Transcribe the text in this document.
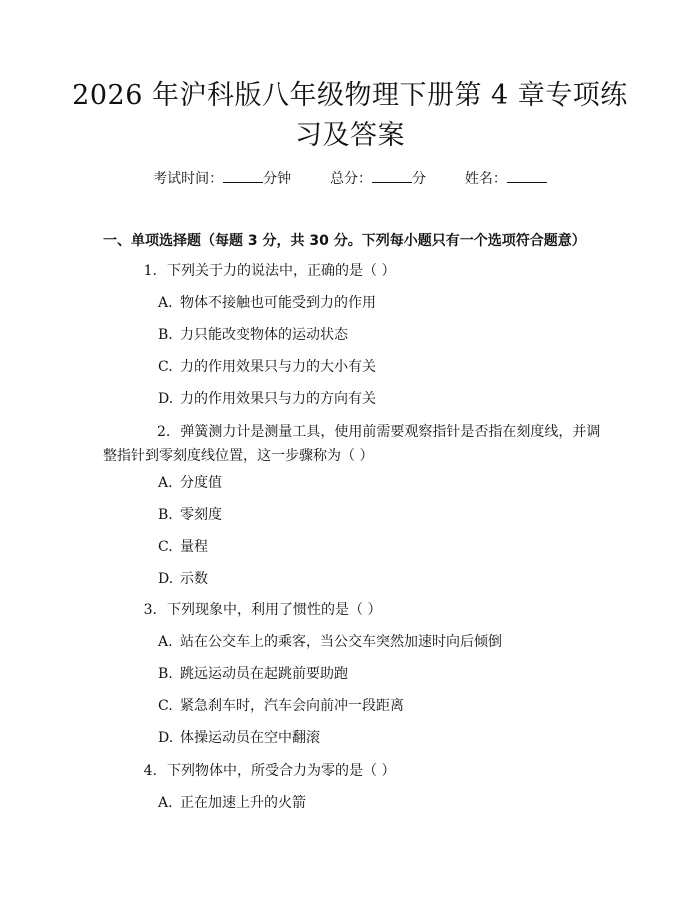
2026 年沪科版八年级物理下册第 4 章专项练
习及答案
考试时间：	分钟	总分：	分	姓名：
一、单项选择题（每题 3 分，共 30 分。下列每小题只有一个选项符合题意）
1. 下列关于力的说法中，正确的是（ ）
A. 物体不接触也可能受到力的作用
B. 力只能改变物体的运动状态
C. 力的作用效果只与力的大小有关
D. 力的作用效果只与力的方向有关
2. 弹簧测力计是测量工具，使用前需要观察指针是否指在刻度线，并调整指针到零刻度线位置，这一步骤称为（ ）
A. 分度值
B. 零刻度
C. 量程
D. 示数
3. 下列现象中，利用了惯性的是（ ）
A. 站在公交车上的乘客，当公交车突然加速时向后倾倒
B. 跳远运动员在起跳前要助跑
C. 紧急刹车时，汽车会向前冲一段距离
D. 体操运动员在空中翻滚
4. 下列物体中，所受合力为零的是（ ）
A. 正在加速上升的火箭
